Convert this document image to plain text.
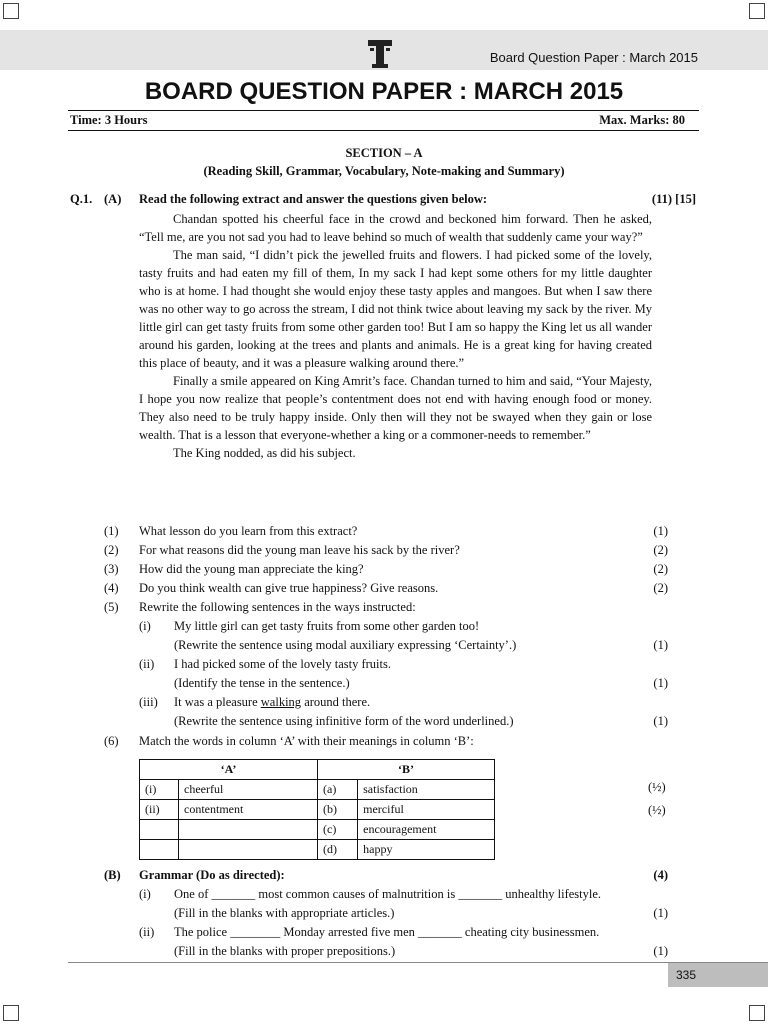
Board Question Paper : March 2015
BOARD QUESTION PAPER : MARCH 2015
Time: 3 Hours	Max. Marks: 80
SECTION – A
(Reading Skill, Grammar, Vocabulary, Note-making and Summary)
Q.1. (A) Read the following extract and answer the questions given below:	(11) [15]

Chandan spotted his cheerful face in the crowd and beckoned him forward. Then he asked, “Tell me, are you not sad you had to leave behind so much of wealth that suddenly came your way?”

The man said, “I didn’t pick the jewelled fruits and flowers. I had picked some of the lovely, tasty fruits and had eaten my fill of them, In my sack I had kept some others for my little daughter who is at home. I had thought she would enjoy these tasty apples and mangoes. But when I saw there was no other way to go across the stream, I did not think twice about leaving my sack by the river. My little girl can get tasty fruits from some other garden too! But I am so happy the King let us all wander around his garden, looking at the trees and plants and animals. He is a great king for having created this place of beauty, and it was a pleasure walking around there.”

Finally a smile appeared on King Amrit’s face. Chandan turned to him and said, “Your Majesty, I hope you now realize that people’s contentment does not end with having enough food or money. They also need to be truly happy inside. Only then will they not be swayed when they gain or lose wealth. That is a lesson that everyone-whether a king or a commoner-needs to remember.”

The King nodded, as did his subject.

(1) What lesson do you learn from this extract?	(1)
(2) For what reasons did the young man leave his sack by the river?	(2)
(3) How did the young man appreciate the king?	(2)
(4) Do you think wealth can give true happiness? Give reasons.	(2)
(5) Rewrite the following sentences in the ways instructed:
(i) My little girl can get tasty fruits from some other garden too!
(Rewrite the sentence using modal auxiliary expressing ‘Certainty’.)	(1)
(ii) I had picked some of the lovely tasty fruits.
(Identify the tense in the sentence.)	(1)
(iii) It was a pleasure walking around there.
(Rewrite the sentence using infinitive form of the word underlined.)	(1)
(6) Match the words in column ‘A’ with their meanings in column ‘B’:
‘A’		‘B’	
(i)	cheerful	(a)	satisfaction
(ii)	contentment	(b)	merciful
		(c)	encouragement
		(d)	happy
(½)
(½)
(B) Grammar (Do as directed):	(4)
(i) One of _______ most common causes of malnutrition is _______ unhealthy lifestyle.
(Fill in the blanks with appropriate articles.)	(1)
(ii) The police ________ Monday arrested five men _______ cheating city businessmen.
(Fill in the blanks with proper prepositions.)	(1)
335
